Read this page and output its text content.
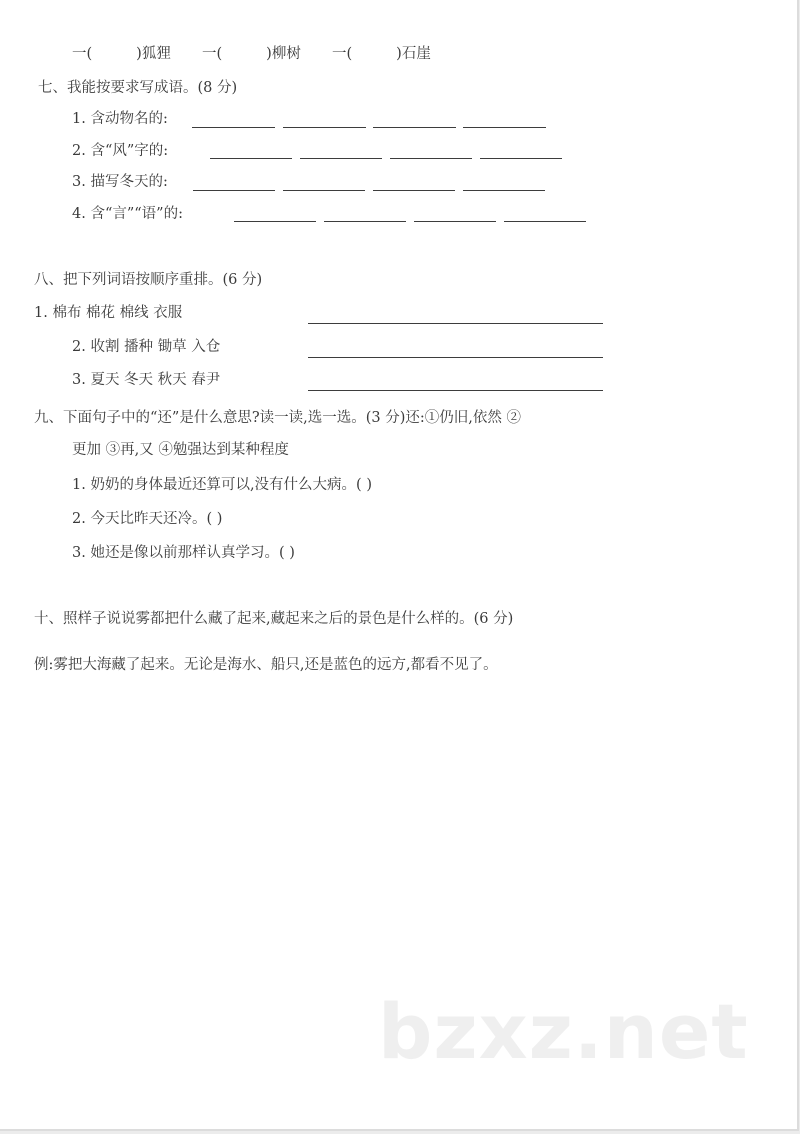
一(	)狐狸 一(	)柳树 一(	)石崖
七、我能按要求写成语。(8 分)
1. 含动物名的:
2. 含“风”字的:
3. 描写冬天的:
4. 含“言”“语”的:
八、把下列词语按顺序重排。(6 分)
1. 棉布 棉花 棉线 衣服
2. 收割 播种 锄草 入仓
3. 夏天 冬天 秋天 春尹
九、下面句子中的“还”是什么意思?读一读,选一选。(3 分)还:①仍旧,依然 ②
更加 ③再,又 ④勉强达到某种程度
1. 奶奶的身体最近还算可以,没有什么大病。( )
2. 今天比昨天还冷。( )
3. 她还是像以前那样认真学习。( )
十、照样子说说雾都把什么藏了起来,藏起来之后的景色是什么样的。(6 分)
例:雾把大海藏了起来。无论是海水、船只,还是蓝色的远方,都看不见了。
bzxz.net
